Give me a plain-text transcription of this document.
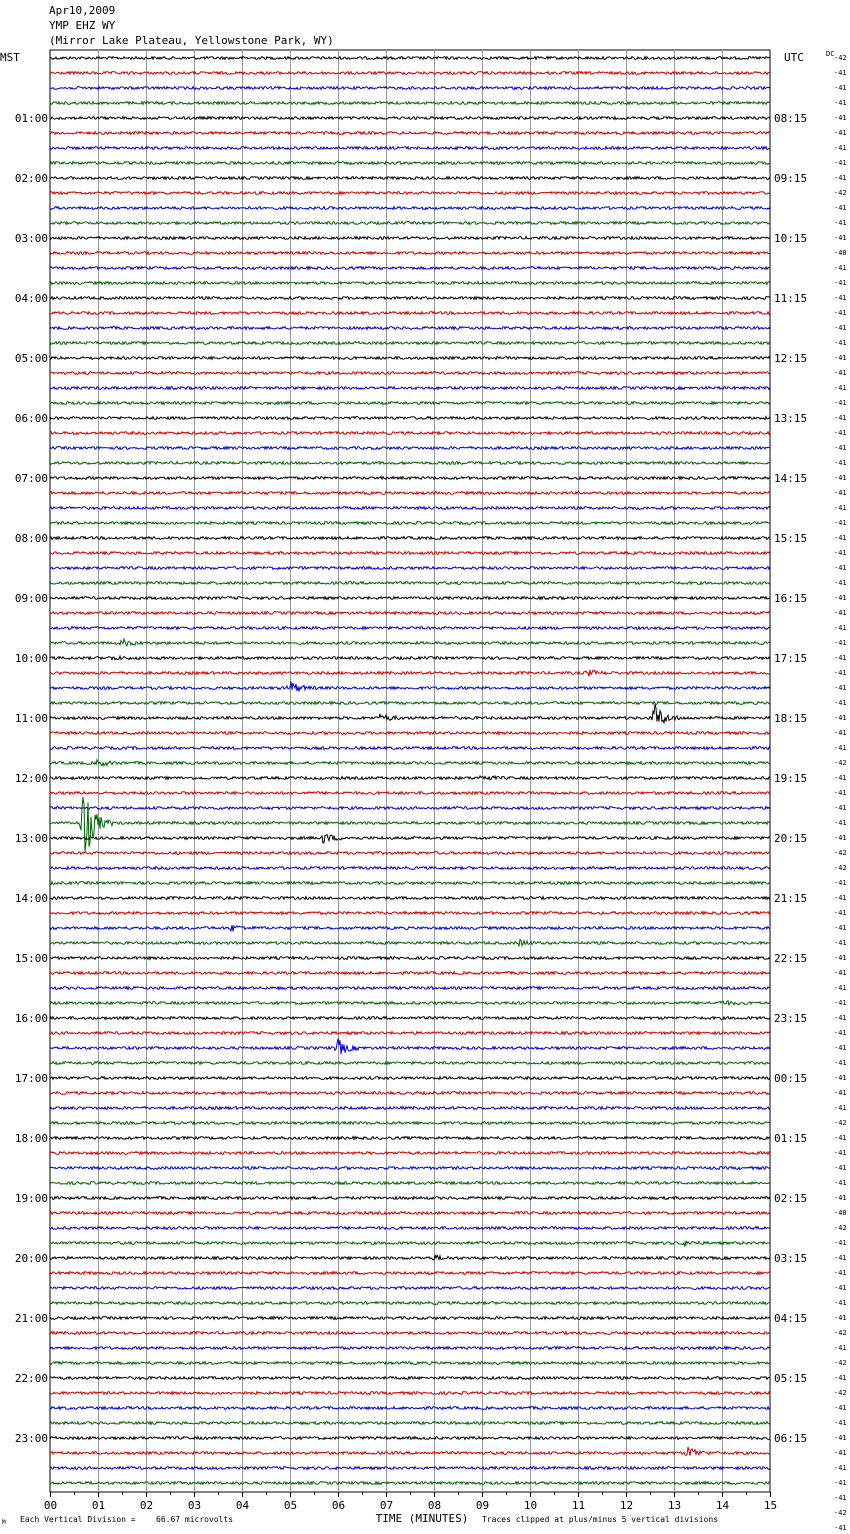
Apr10,2009
YMP EHZ WY
(Mirror Lake Plateau, Yellowstone Park, WY)
MST	UTC	DC
01:00
02:00
03:00
04:00
05:00
06:00
07:00
08:00
09:00
10:00
11:00
12:00
13:00
14:00
15:00
16:00
17:00
18:00
19:00
20:00
21:00
22:00
23:00
08:15
09:15
10:15
11:15
12:15
13:15
14:15
15:15
16:15
17:15
18:15
19:15
20:15
21:15
22:15
23:15
00:15
01:15
02:15
03:15
04:15
05:15
06:15
-42
-41
-41
-41
-41
-41
-41
-41
-41
-42
-41
-41
-41
-40
-41
-41
-41
-41
-41
-41
-41
-41
-41
-41
-41
-41
-41
-41
-41
-41
-41
-41
-41
-41
-41
-41
-41
-41
-41
-41
-41
-41
-41
-41
-41
-41
-41
-42
-41
-41
-41
-41
-41
-42
-42
-41
-41
-41
-41
-41
-41
-41
-41
-41
-41
-41
-41
-41
-41
-41
-41
-42
-41
-41
-41
-41
-41
-40
-42
-41
-41
-41
-41
-41
-41
-42
-41
-42
-41
-42
-41
-41
-41
-41
-41
-41
-41
-42
-41
00	01	02	03	04	05	06	07	08	09	10	11	12	13	14	15
TIME (MINUTES)
M Each Vertical Division =	66.67 microvolts	Traces clipped at plus/minus 5 vertical divisions
